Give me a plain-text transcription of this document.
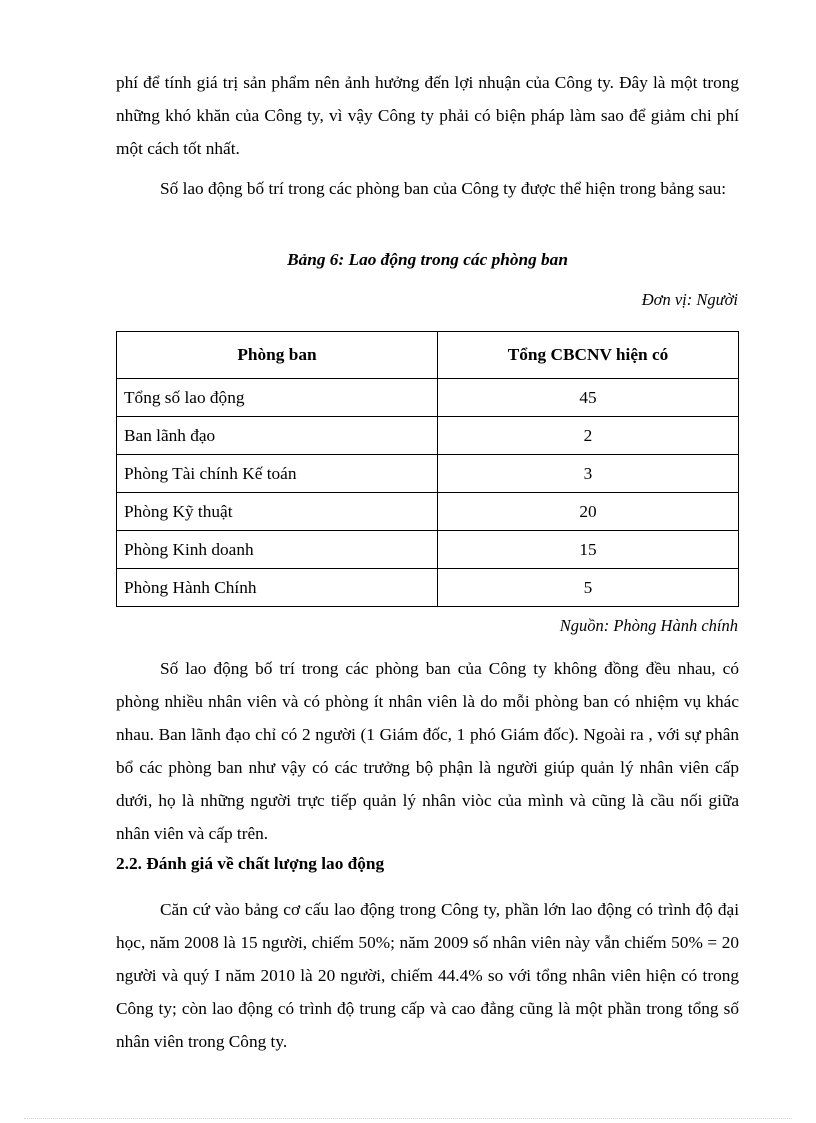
phí để tính giá trị sản phẩm nên ảnh hưởng đến lợi nhuận của Công ty. Đây là một trong những khó khăn của Công ty, vì vậy Công ty phải có biện pháp làm sao để giảm chi phí một cách tốt nhất.

Số lao động bố trí trong các phòng ban của Công ty được thể hiện trong bảng sau:

Bảng 6: Lao động trong các phòng ban

Đơn vị: Người

Phòng ban	Tổng CBCNV hiện có
Tổng số lao động	45
Ban lãnh đạo	2
Phòng Tài chính Kế toán	3
Phòng Kỹ thuật	20
Phòng Kinh doanh	15
Phòng Hành Chính	5

Nguồn: Phòng Hành chính

Số lao động bố trí trong các phòng ban của Công ty không đồng đều nhau, có phòng nhiều nhân viên và có phòng ít nhân viên là do mỗi phòng ban có nhiệm vụ khác nhau. Ban lãnh đạo chỉ có 2 người (1 Giám đốc, 1 phó Giám đốc). Ngoài ra , với sự phân bổ các phòng ban như vậy có các trưởng bộ phận là người giúp quản lý nhân viên cấp dưới, họ là những người trực tiếp quản lý nhân viòc của mình và cũng là cầu nối giữa nhân viên và cấp trên.

2.2. Đánh giá về chất lượng lao động

Căn cứ vào bảng cơ cấu lao động trong Công ty, phần lớn lao động có trình độ đại học, năm 2008 là 15 người, chiếm 50%; năm 2009 số nhân viên này vẫn chiếm 50% = 20 người và quý I năm 2010 là 20 người, chiếm 44.4% so với tổng nhân viên hiện có trong Công ty; còn lao động có trình độ trung cấp và cao đẳng cũng là một phần trong tổng số nhân viên trong Công ty.
